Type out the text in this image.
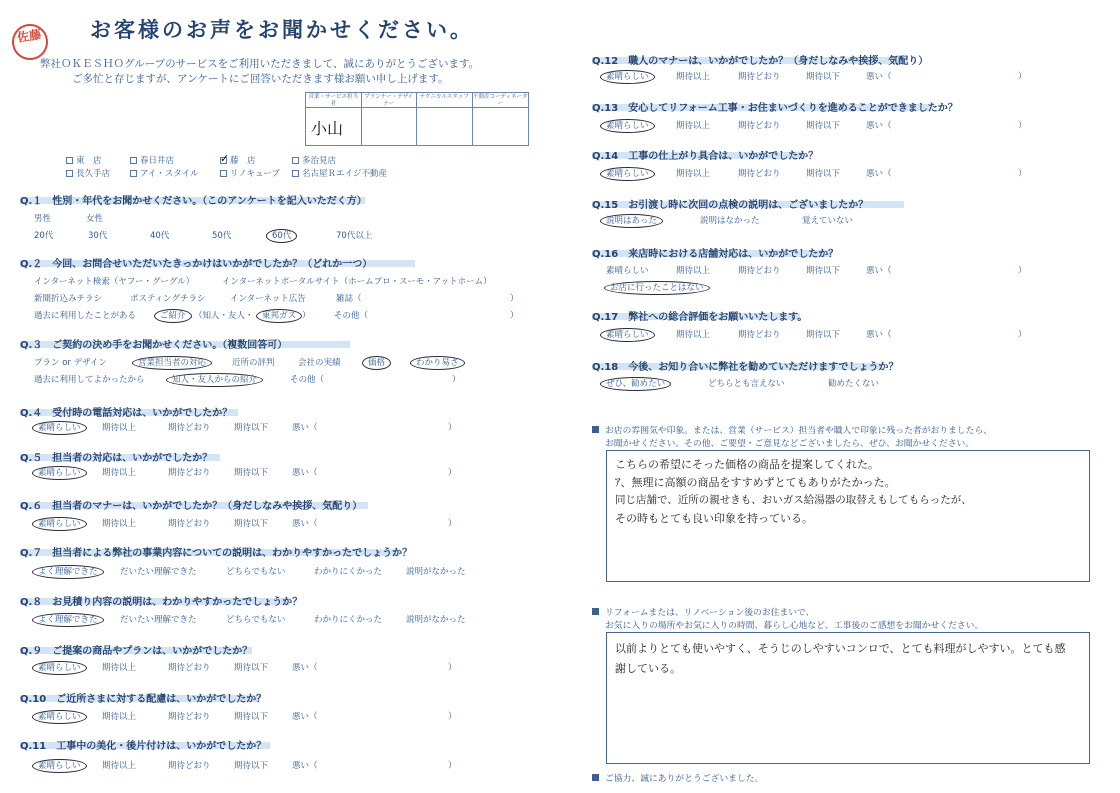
佐藤	お客様のお声をお聞かせください。
弊社ＯＫＥＳＨＯグループのサービスをご利用いただきまして、誠にありがとうございます。
ご多忙と存じますが、アンケートにご回答いただきます様お願い申し上げます。
営業・サービス担当者
プランナー・デザイナー
テクニカルスタッフ 不動産コーディネーター
小山
東　店	春日井店
✓	藤　店	多治見店
長久手店	アイ・スタイル	リノキューブ	名古屋Ｒエイジ不動産
Q.１　性別・年代をお聞かせください。（このアンケートを記入いただく方）
男性	女性
20代	30代	40代	50代	60代	70代以上
Q.２　今回、お問合せいただいたきっかけはいかがでしたか？（どれか一つ）
インターネット検索（ヤフー・グーグル）	インターネットポータルサイト（ホームプロ・スーモ・アットホーム）
新聞折込みチラシ	ポスティングチラシ	インターネット広告	雑誌（	）
過去に利用したことがある	ご紹介 （知人・友人・ 東邦ガス ）	その他（	）
Q.３　ご契約の決め手をお聞かせください。（複数回答可）
プラン or デザイン	営業担当者の対応	近所の評判	会社の実績	価格	わかり易さ
過去に利用してよかったから	知人・友人からの紹介	その他（	）
Q.４　受付時の電話対応は、いかがでしたか？
素晴らしい	期待以上	期待どおり	期待以下	悪い（	）
Q.５　担当者の対応は、いかがでしたか？
素晴らしい	期待以上	期待どおり	期待以下	悪い（	）
Q.６　担当者のマナーは、いかがでしたか？（身だしなみや挨拶、気配り）
素晴らしい	期待以上	期待どおり	期待以下	悪い（	）
Q.７　担当者による弊社の事業内容についての説明は、わかりやすかったでしょうか？
よく理解できた	だいたい理解できた	どちらでもない	わかりにくかった	説明がなかった
Q.８　お見積り内容の説明は、わかりやすかったでしょうか？
よく理解できた	だいたい理解できた	どちらでもない	わかりにくかった	説明がなかった
Q.９　ご提案の商品やプランは、いかがでしたか？
素晴らしい	期待以上	期待どおり	期待以下	悪い（	）
Q.10　ご近所さまに対する配慮は、いかがでしたか？
素晴らしい	期待以上	期待どおり	期待以下	悪い（	）
Q.11　工事中の美化・後片付けは、いかがでしたか？
素晴らしい	期待以上	期待どおり	期待以下	悪い（	）
Q.12　職人のマナーは、いかがでしたか？（身だしなみや挨拶、気配り）
素晴らしい	期待以上	期待どおり	期待以下	悪い（	）
Q.13　安心してリフォーム工事・お住まいづくりを進めることができましたか？
素晴らしい	期待以上	期待どおり	期待以下	悪い（	）
Q.14　工事の仕上がり具合は、いかがでしたか？
素晴らしい	期待以上	期待どおり	期待以下	悪い（	）
Q.15　お引渡し時に次回の点検の説明は、ございましたか？
説明はあった	説明はなかった	覚えていない
Q.16　来店時における店舗対応は、いかがでしたか？
素晴らしい	期待以上	期待どおり	期待以下	悪い（	）
お店に行ったことはない
Q.17　弊社への総合評価をお願いいたします。
素晴らしい	期待以上	期待どおり	期待以下	悪い（	）
Q.18　今後、お知り合いに弊社を勧めていただけますでしょうか？
ぜひ、勧めたい	どちらとも言えない	勧めたくない
お店の雰囲気や印象。または、営業（サービス）担当者や職人で印象に残った者がおりましたら、
お聞かせください。その他、ご要望・ご意見などございましたら、ぜひ、お聞かせください。
こちらの希望にそった価格の商品を提案してくれた。
ｱ、無理に高額の商品をすすめずとてもありがたかった。
同じ店舗で、近所の親せきも、おいガス給湯器の取替えもしてもらったが、
その時もとても良い印象を持っている。
リフォームまたは、リノベーション後のお住まいで、
お気に入りの場所やお気に入りの時間、暮らし心地など、工事後のご感想をお聞かせください。
以前よりとても使いやすく、そうじのしやすいコンロで、とても料理がしやすい。とても感謝している。
ご協力、誠にありがとうございました。
